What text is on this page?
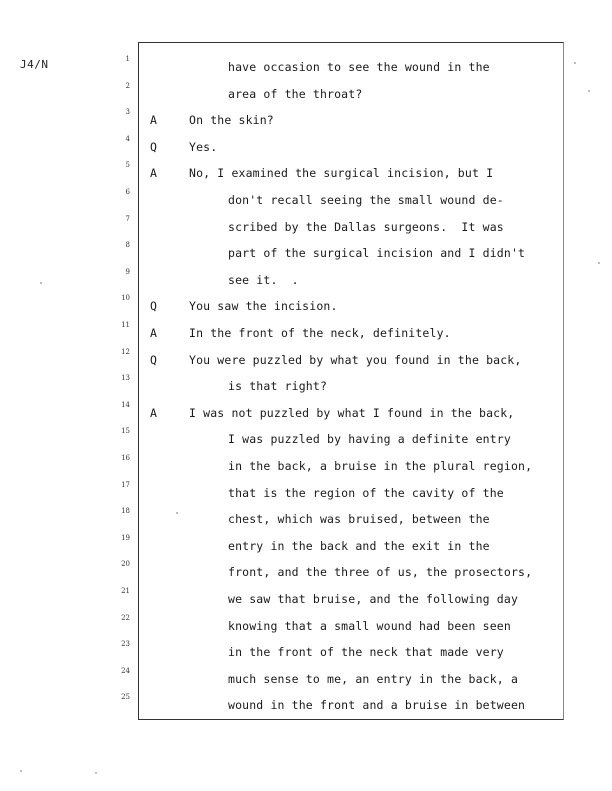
J4/N	1
have occasion to see the wound in the
2
area of the throat?
3
A	On the skin?
4
Q	Yes.
5
A	No, I examined the surgical incision, but I
6
don't recall seeing the small wound de-
7
scribed by the Dallas surgeons.  It was
8
part of the surgical incision and I didn't
9
see it.  .
10
Q	You saw the incision.
11
A	In the front of the neck, definitely.
12
Q	You were puzzled by what you found in the back,
13
is that right?
14
A	I was not puzzled by what I found in the back,
15
I was puzzled by having a definite entry
16
in the back, a bruise in the plural region,
17
that is the region of the cavity of the
18
chest, which was bruised, between the
19
entry in the back and the exit in the
20
front, and the three of us, the prosectors,
21
we saw that bruise, and the following day
22
knowing that a small wound had been seen
23
in the front of the neck that made very
24
much sense to me, an entry in the back, a
25
wound in the front and a bruise in between
